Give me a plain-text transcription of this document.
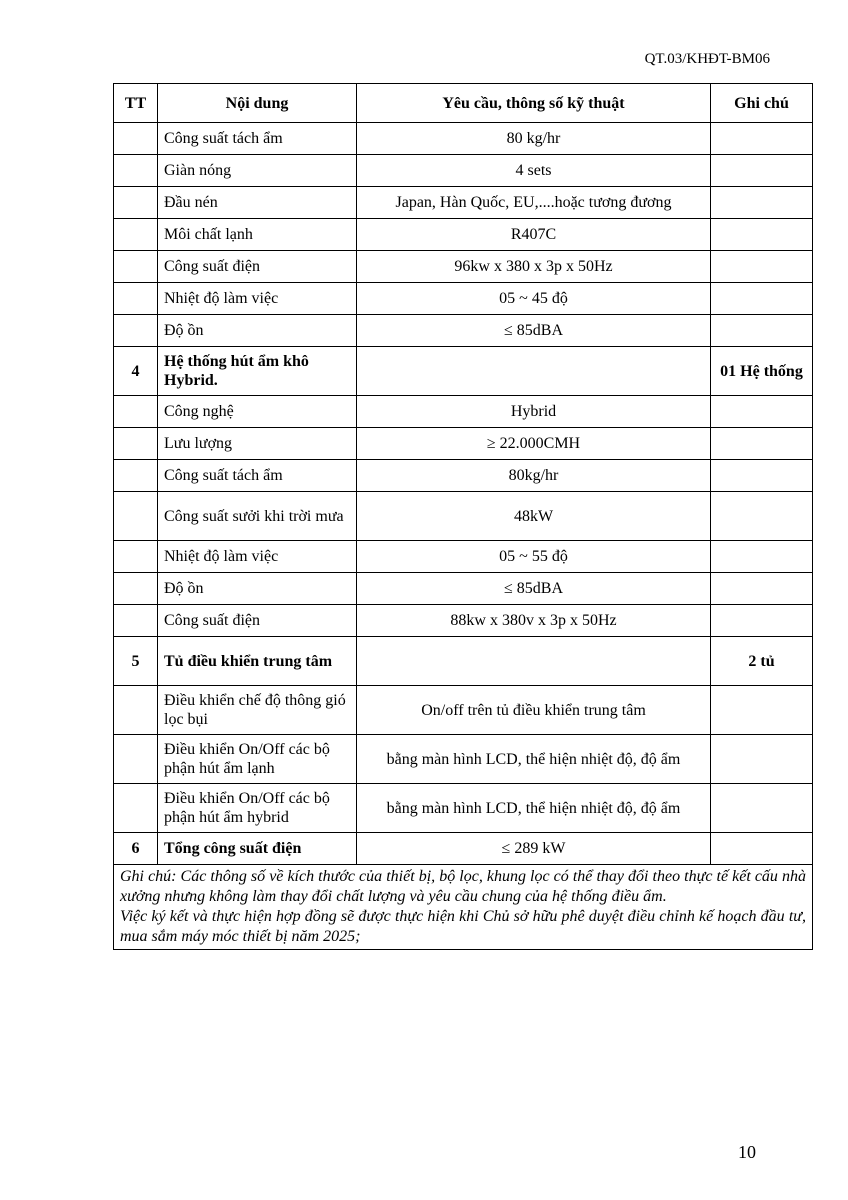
QT.03/KHĐT-BM06
TT	Nội dung	Yêu cầu, thông số kỹ thuật	Ghi chú
	Công suất tách ẩm	80 kg/hr	
	Giàn nóng	4 sets	
	Đầu nén	Japan, Hàn Quốc, EU,....hoặc tương đương	
	Môi chất lạnh	R407C	
	Công suất điện	96kw x 380 x 3p x 50Hz	
	Nhiệt độ làm việc	05 ~ 45 độ	
	Độ ồn	≤ 85dBA	
4	Hệ thống hút ẩm khô Hybrid.		01 Hệ thống
	Công nghệ	Hybrid	
	Lưu lượng	≥ 22.000CMH	
	Công suất tách ẩm	80kg/hr	
	Công suất sưởi khi trời mưa	48kW	
	Nhiệt độ làm việc	05 ~ 55 độ	
	Độ ồn	≤ 85dBA	
	Công suất điện	88kw x 380v x 3p x 50Hz	
5	Tủ điều khiển trung tâm		2 tủ
	Điều khiển chế độ thông gió lọc bụi	On/off trên tủ điều khiển trung tâm	
	Điều khiển On/Off các bộ phận hút ẩm lạnh	bằng màn hình LCD, thể hiện nhiệt độ, độ ẩm	
	Điều khiển On/Off các bộ phận hút ẩm hybrid	bằng màn hình LCD, thể hiện nhiệt độ, độ ẩm	
6	Tổng công suất điện	≤ 289 kW	

Ghi chú: Các thông số về kích thước của thiết bị, bộ lọc, khung lọc có thể thay đổi theo thực tế kết cấu nhà xưởng nhưng không làm thay đổi chất lượng và yêu cầu chung của hệ thống điều ẩm.

Việc ký kết và thực hiện hợp đồng sẽ được thực hiện khi Chủ sở hữu phê duyệt điều chỉnh kế hoạch đầu tư, mua sắm máy móc thiết bị năm 2025;			

10
